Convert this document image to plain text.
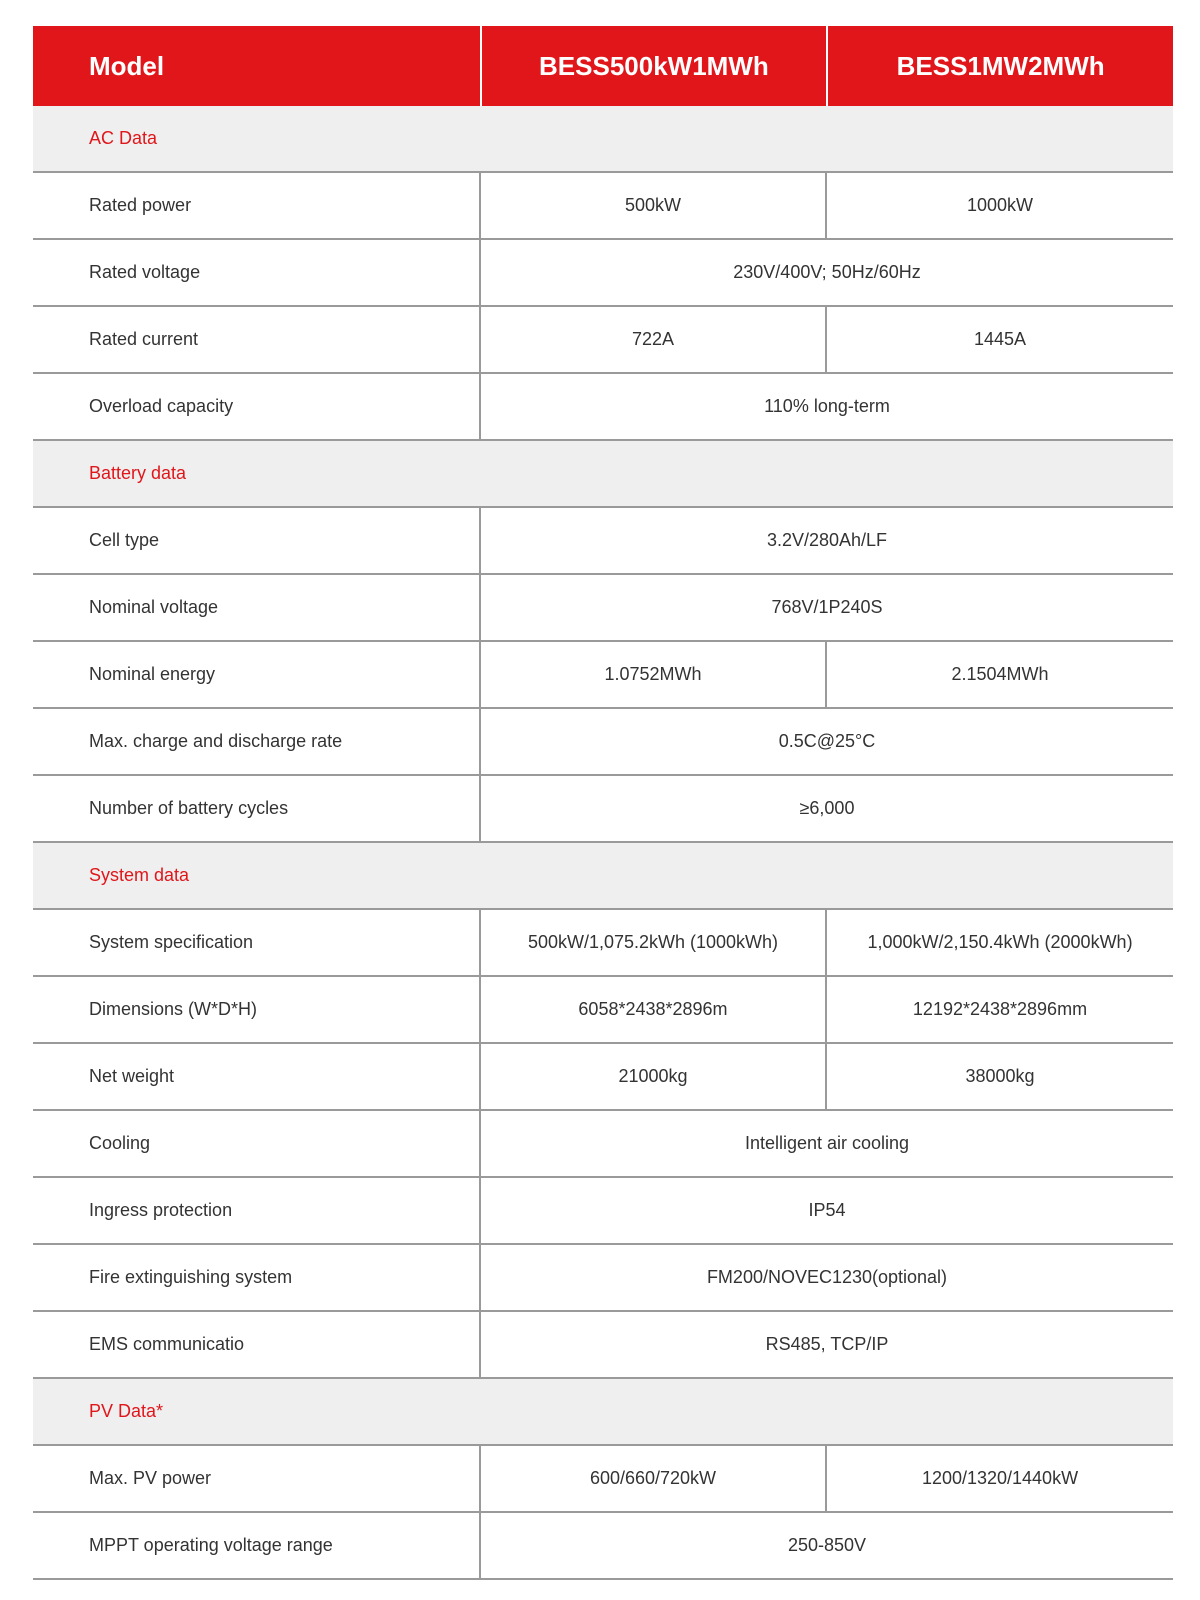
Model	BESS500kW1MWh	BESS1MW2MWh
AC Data
Rated power	500kW	1000kW
Rated voltage	230V/400V; 50Hz/60Hz
Rated current	722A	1445A
Overload capacity	110% long-term
Battery data
Cell type	3.2V/280Ah/LF
Nominal voltage	768V/1P240S
Nominal energy	1.0752MWh	2.1504MWh
Max. charge and discharge rate	0.5C@25°C
Number of battery cycles	≥6,000
System data
System specification	500kW/1,075.2kWh (1000kWh)	1,000kW/2,150.4kWh (2000kWh)
Dimensions (W*D*H)	6058*2438*2896m	12192*2438*2896mm
Net weight	21000kg	38000kg
Cooling	Intelligent air cooling
Ingress protection	IP54
Fire extinguishing system	FM200/NOVEC1230(optional)
EMS communicatio	RS485, TCP/IP
PV Data*
Max. PV power	600/660/720kW	1200/1320/1440kW
MPPT operating voltage range	250-850V
